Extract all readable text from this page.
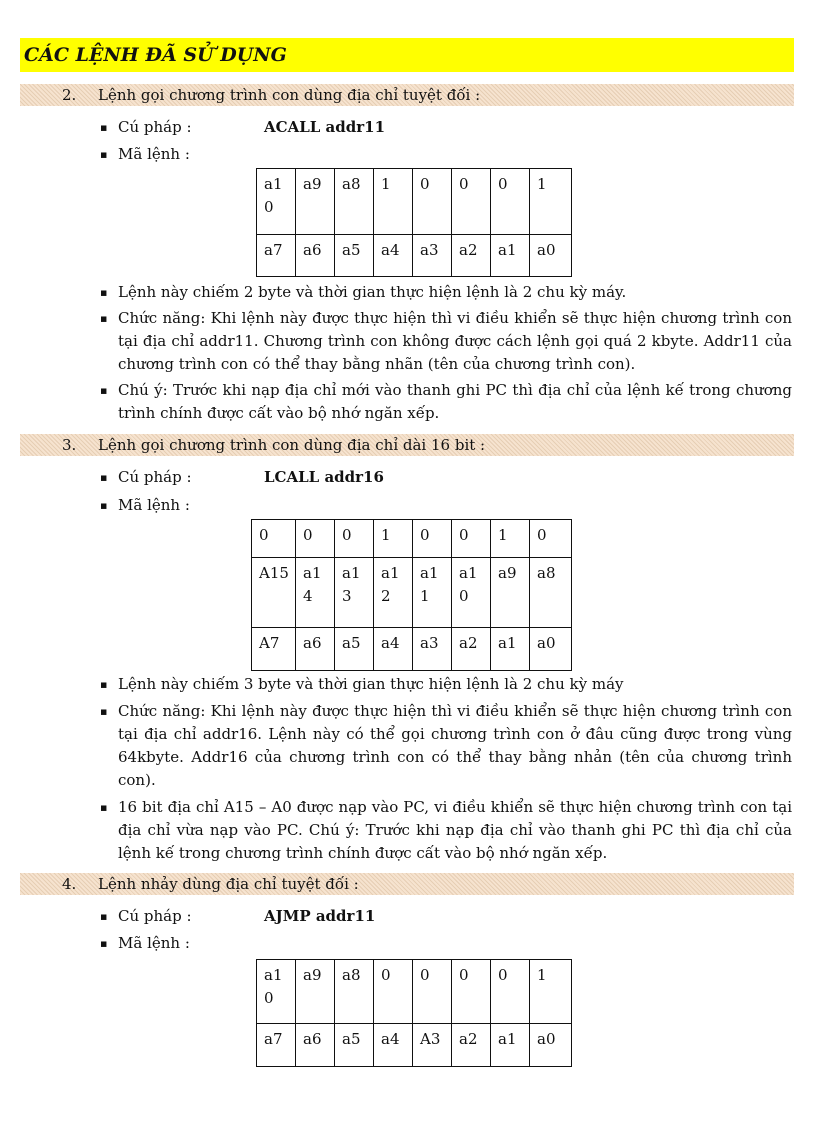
CÁC LỆNH ĐÃ SỬ DỤNG
2. Lệnh gọi chương trình con dùng địa chỉ tuyệt đối :
▪ Cú pháp :	ACALL addr11
▪ Mã lệnh :
a10	a9	a8	1	0	0	0	1
a7	a6	a5	a4	a3	a2	a1	a0
▪ Lệnh này chiếm 2 byte và thời gian thực hiện lệnh là 2 chu kỳ máy.
▪ Chức năng: Khi lệnh này được thực hiện thì vi điều khiển sẽ thực hiện chương trình con tại địa chỉ addr11. Chương trình con không được cách lệnh gọi quá 2 kbyte. Addr11 của chương trình con có thể thay bằng nhãn (tên của chương trình con).
▪ Chú ý: Trước khi nạp địa chỉ mới vào thanh ghi PC thì địa chỉ của lệnh kế trong chương trình chính được cất vào bộ nhớ ngăn xếp.
3. Lệnh gọi chương trình con dùng địa chỉ dài 16 bit :
▪ Cú pháp :	LCALL addr16
▪ Mã lệnh :
0	0	0	1	0	0	1	0
A15	a14	a13	a12	a11	a10	a9	a8
A7	a6	a5	a4	a3	a2	a1	a0
▪ Lệnh này chiếm 3 byte và thời gian thực hiện lệnh là 2 chu kỳ máy
▪ Chức năng: Khi lệnh này được thực hiện thì vi điều khiển sẽ thực hiện chương trình con tại địa chỉ addr16. Lệnh này có thể gọi chương trình con ở đâu cũng được trong vùng 64kbyte. Addr16 của chương trình con có thể thay bằng nhản (tên của chương trình con).
▪ 16 bit địa chỉ A15 – A0 được nạp vào PC, vi điều khiển sẽ thực hiện chương trình con tại địa chỉ vừa nạp vào PC. Chú ý: Trước khi nạp địa chỉ vào thanh ghi PC thì địa chỉ của lệnh kế trong chương trình chính được cất vào bộ nhớ ngăn xếp.
4. Lệnh nhảy dùng địa chỉ tuyệt đối :
▪ Cú pháp :	AJMP addr11
▪ Mã lệnh :
a10	a9	a8	0	0	0	0	1
a7	a6	a5	a4	A3	a2	a1	a0
